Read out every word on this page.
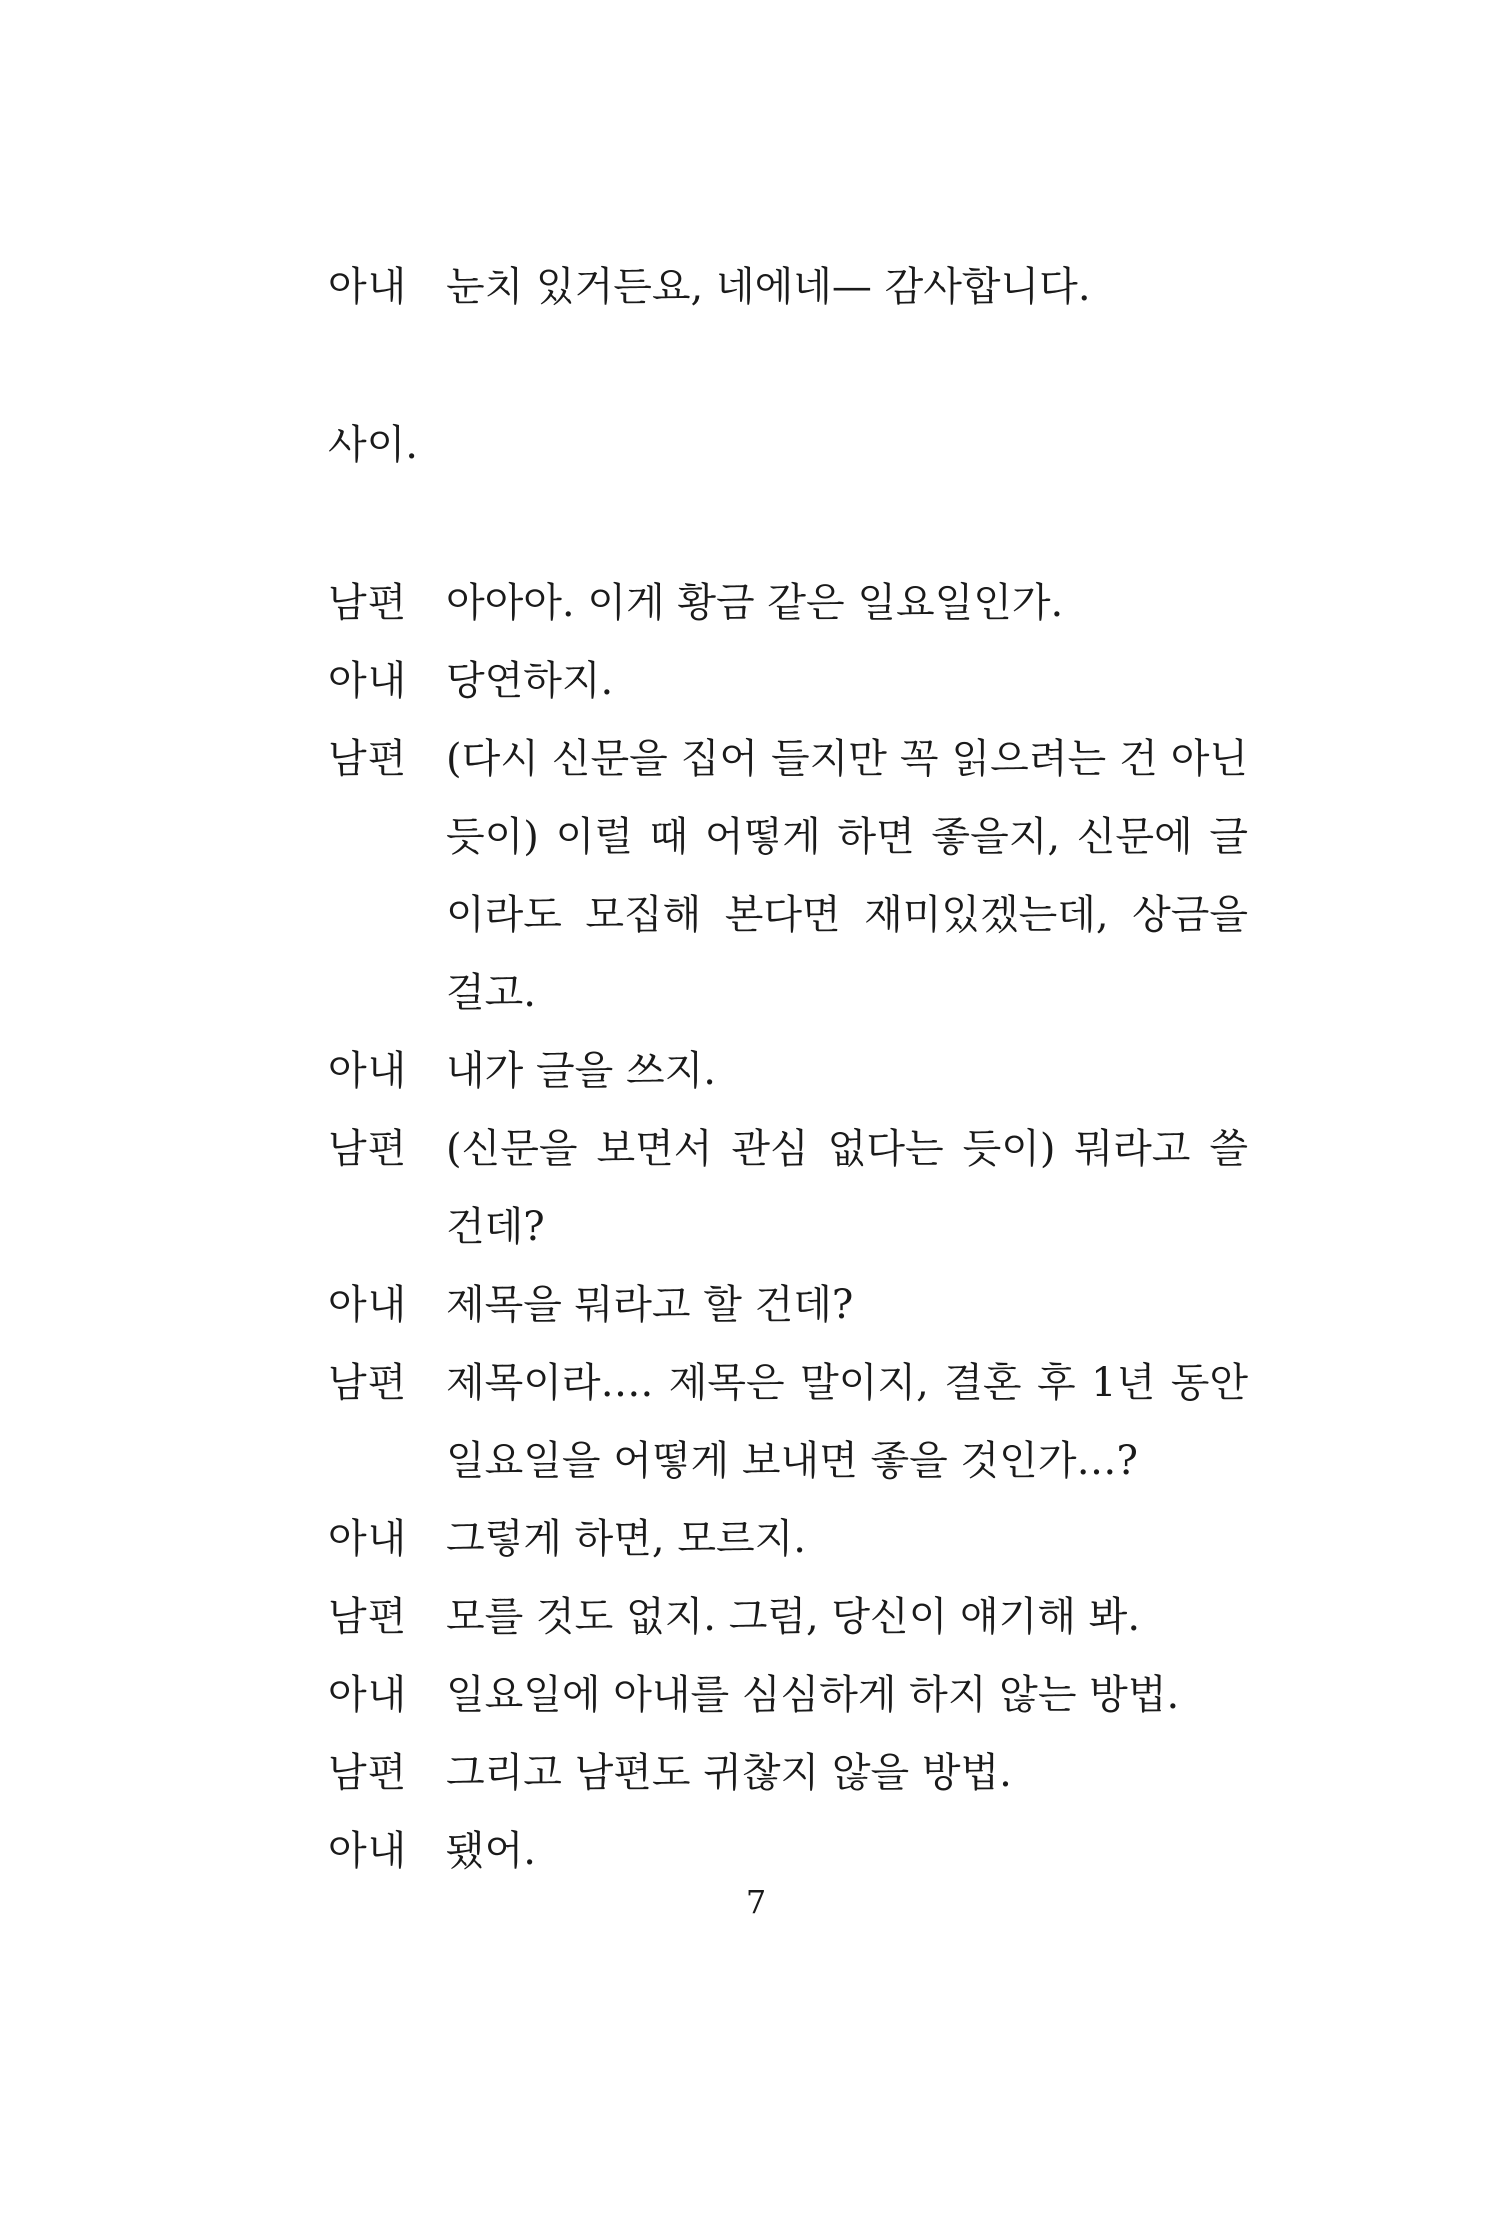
아내 눈치 있거든요, 네에네— 감사합니다.
사이.
남편 아아아. 이게 황금 같은 일요일인가.
아내 당연하지.
남편 (다시 신문을 집어 들지만 꼭 읽으려는 건 아닌 듯이) 이럴 때 어떻게 하면 좋을지, 신문에 글이라도 모집해 본다면 재미있겠는데, 상금을 걸고.
아내 내가 글을 쓰지.
남편 (신문을 보면서 관심 없다는 듯이) 뭐라고 쓸 건데?
아내 제목을 뭐라고 할 건데?
남편 제목이라…. 제목은 말이지, 결혼 후 1년 동안 일요일을 어떻게 보내면 좋을 것인가…?
아내 그렇게 하면, 모르지.
남편 모를 것도 없지. 그럼, 당신이 얘기해 봐.
아내 일요일에 아내를 심심하게 하지 않는 방법.
남편 그리고 남편도 귀찮지 않을 방법.
아내 됐어.
7
